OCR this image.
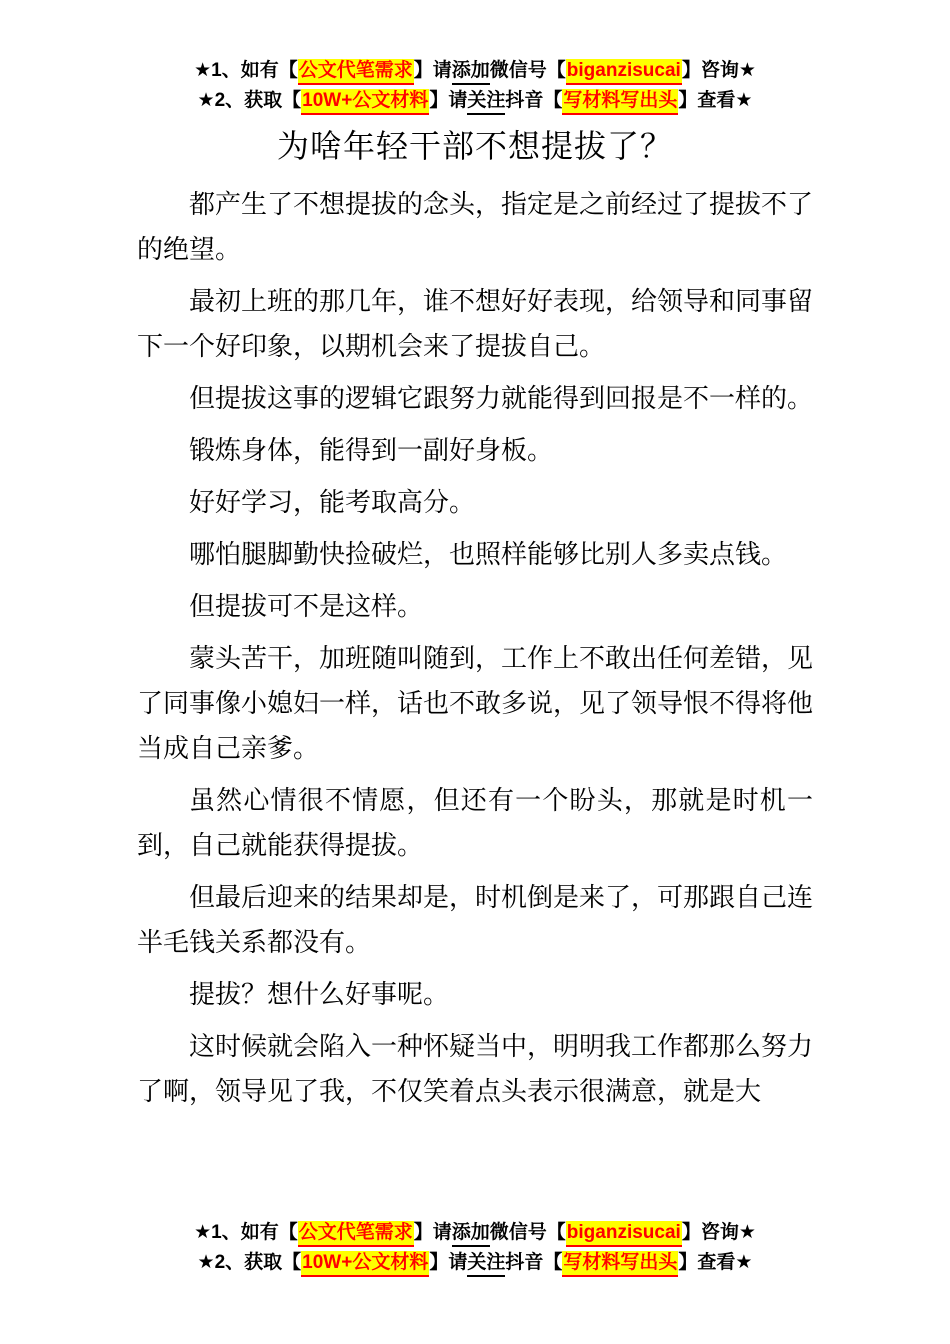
★1、如有【公文代笔需求】请添加微信号【biganzisucai】咨询★
★2、获取【10W+公文材料】请关注抖音【写材料写出头】查看★
为啥年轻干部不想提拔了？

都产生了不想提拔的念头，指定是之前经过了提拔不了的绝望。

最初上班的那几年，谁不想好好表现，给领导和同事留下一个好印象，以期机会来了提拔自己。

但提拔这事的逻辑它跟努力就能得到回报是不一样的。

锻炼身体，能得到一副好身板。

好好学习，能考取高分。

哪怕腿脚勤快捡破烂，也照样能够比别人多卖点钱。

但提拔可不是这样。

蒙头苦干，加班随叫随到，工作上不敢出任何差错，见了同事像小媳妇一样，话也不敢多说，见了领导恨不得将他当成自己亲爹。

虽然心情很不情愿，但还有一个盼头，那就是时机一到，自己就能获得提拔。

但最后迎来的结果却是，时机倒是来了，可那跟自己连半毛钱关系都没有。

提拔？想什么好事呢。

这时候就会陷入一种怀疑当中，明明我工作都那么努力了啊，领导见了我，不仅笑着点头表示很满意，就是大

★1、如有【公文代笔需求】请添加微信号【biganzisucai】咨询★
★2、获取【10W+公文材料】请关注抖音【写材料写出头】查看★
